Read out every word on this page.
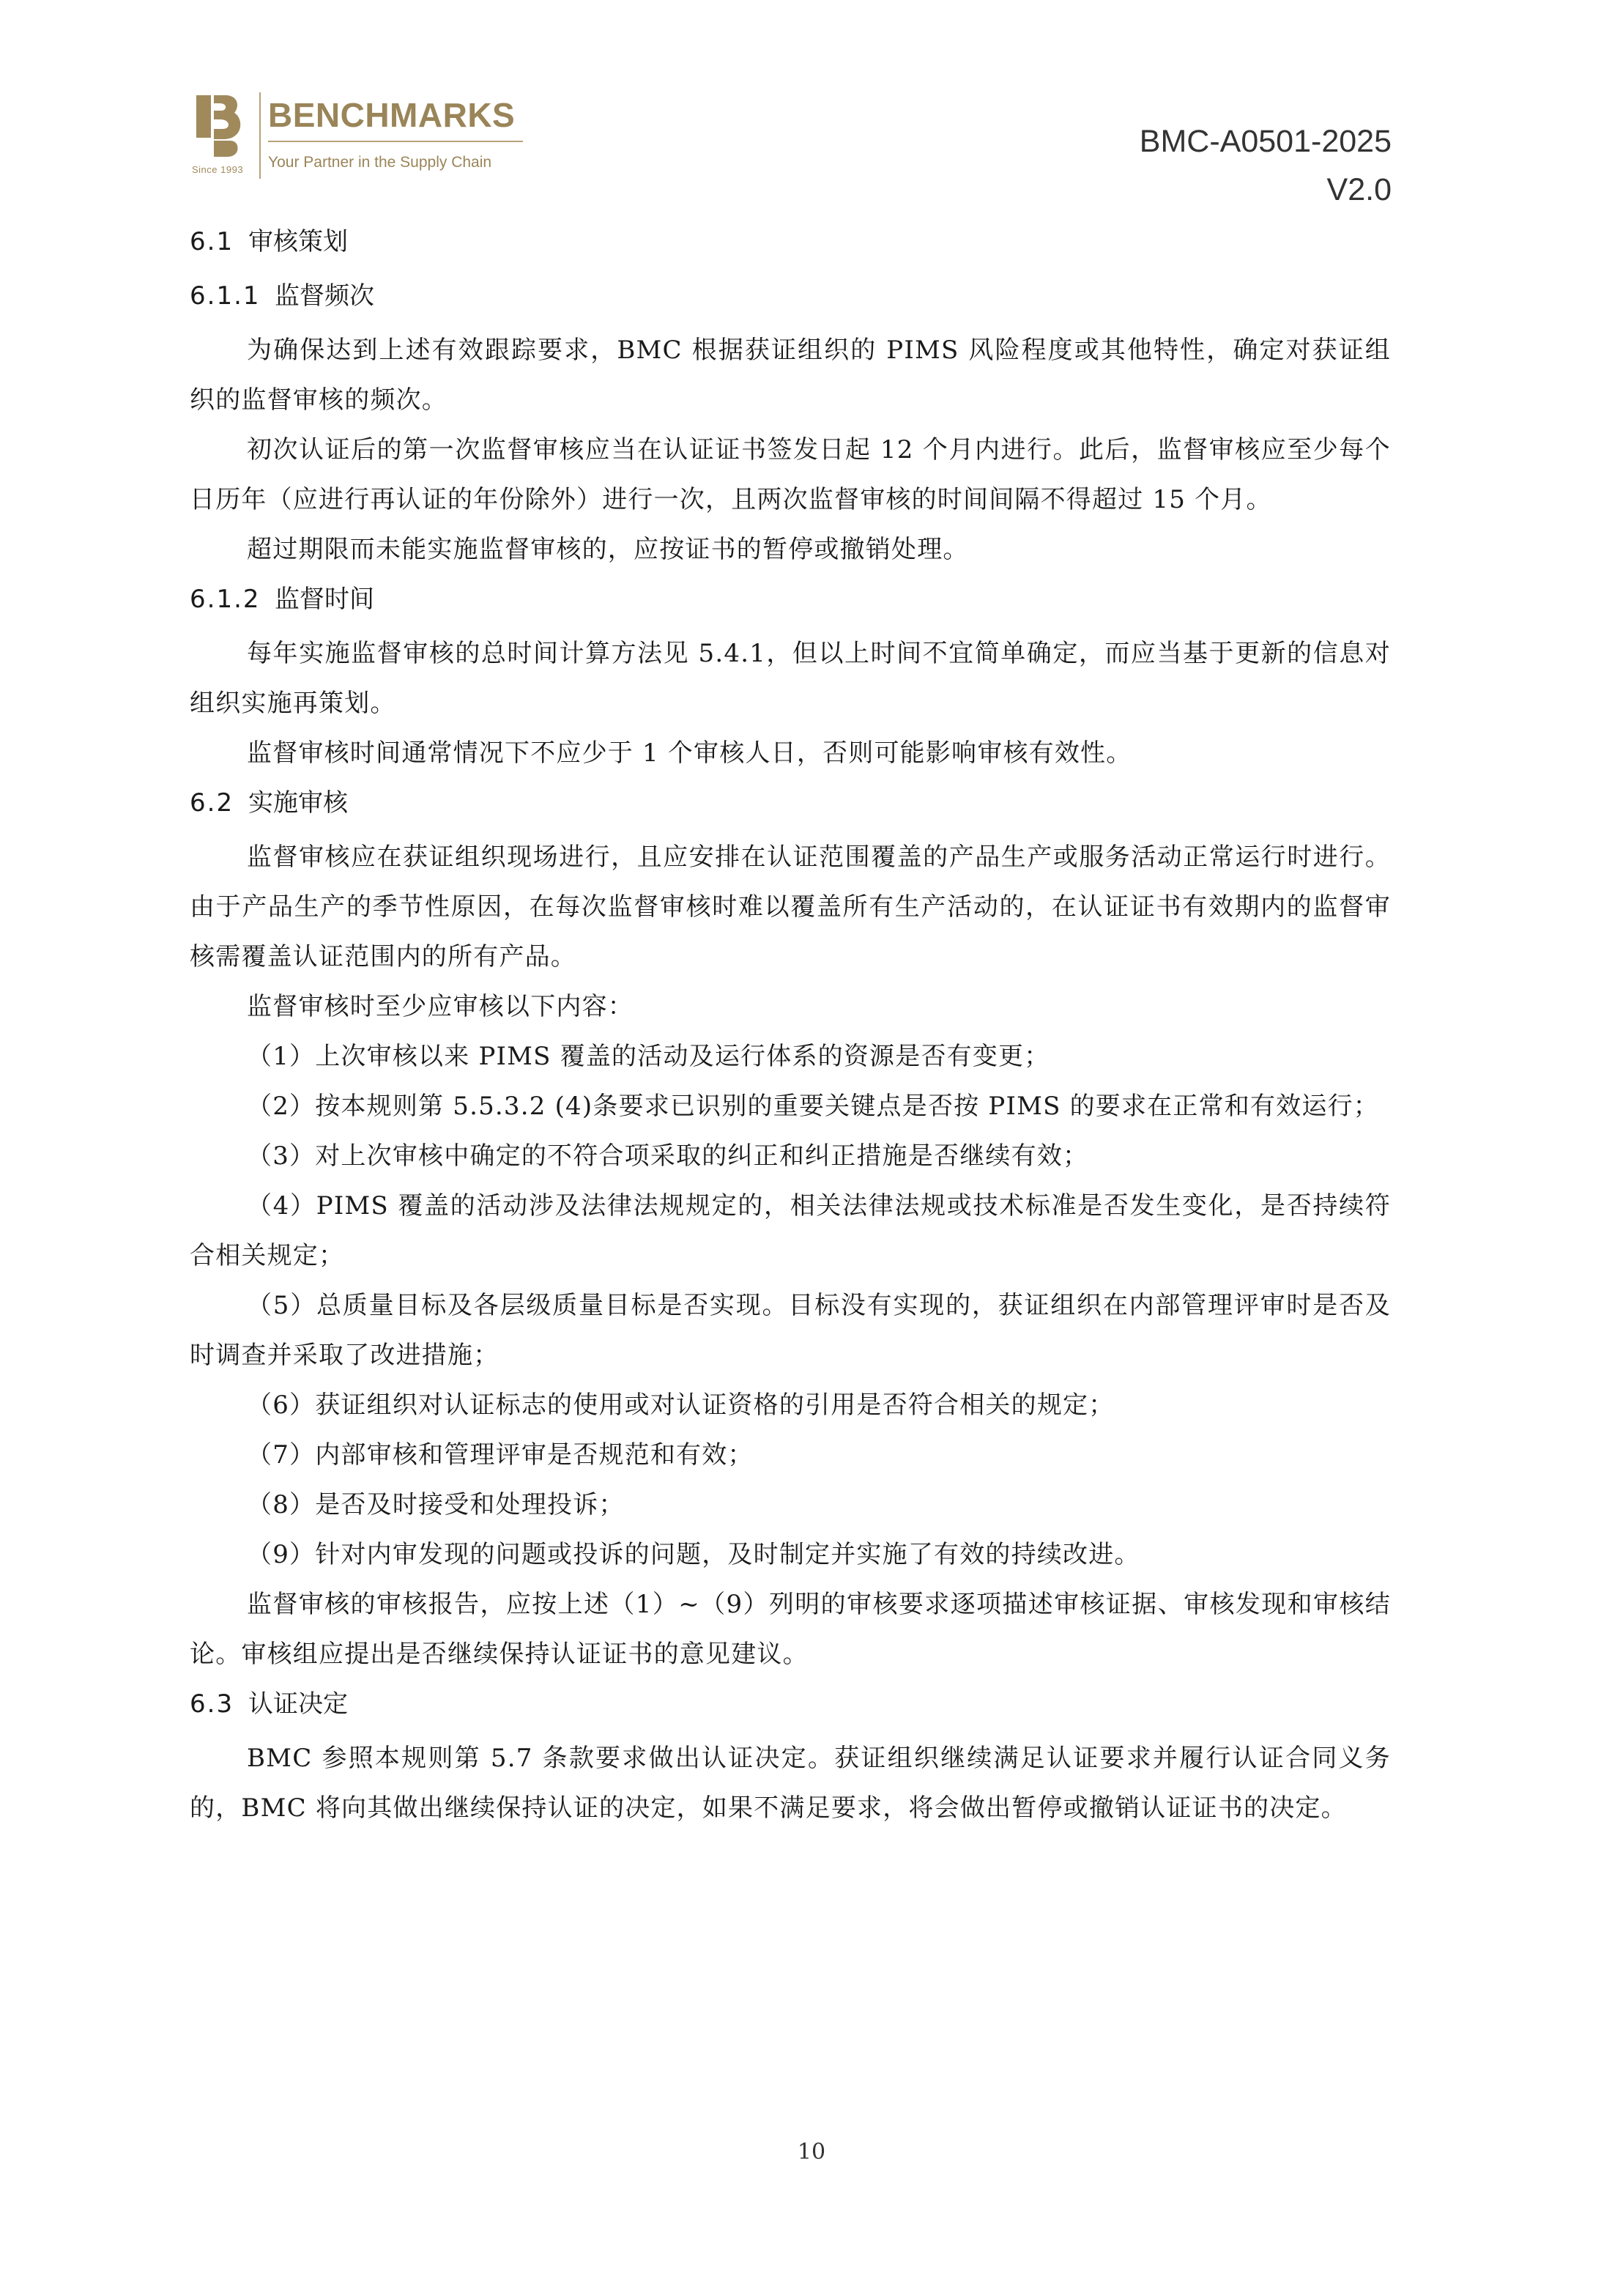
Since 1993
BENCHMARKS
Your Partner in the Supply Chain
BMC-A0501-2025
V2.0
6.1 审核策划
6.1.1 监督频次

为确保达到上述有效跟踪要求，BMC 根据获证组织的 PIMS 风险程度或其他特性，确定对获证组织的监督审核的频次。

初次认证后的第一次监督审核应当在认证证书签发日起 12 个月内进行。此后，监督审核应至少每个日历年（应进行再认证的年份除外）进行一次，且两次监督审核的时间间隔不得超过 15 个月。

超过期限而未能实施监督审核的，应按证书的暂停或撤销处理。

6.1.2 监督时间

每年实施监督审核的总时间计算方法见 5.4.1，但以上时间不宜简单确定，而应当基于更新的信息对组织实施再策划。

监督审核时间通常情况下不应少于 1 个审核人日，否则可能影响审核有效性。

6.2 实施审核

监督审核应在获证组织现场进行，且应安排在认证范围覆盖的产品生产或服务活动正常运行时进行。由于产品生产的季节性原因，在每次监督审核时难以覆盖所有生产活动的，在认证证书有效期内的监督审核需覆盖认证范围内的所有产品。

监督审核时至少应审核以下内容：

（1）上次审核以来 PIMS 覆盖的活动及运行体系的资源是否有变更；

（2）按本规则第 5.5.3.2 (4)条要求已识别的重要关键点是否按 PIMS 的要求在正常和有效运行；

（3）对上次审核中确定的不符合项采取的纠正和纠正措施是否继续有效；

（4）PIMS 覆盖的活动涉及法律法规规定的，相关法律法规或技术标准是否发生变化，是否持续符合相关规定；

（5）总质量目标及各层级质量目标是否实现。目标没有实现的，获证组织在内部管理评审时是否及时调查并采取了改进措施；

（6）获证组织对认证标志的使用或对认证资格的引用是否符合相关的规定；

（7）内部审核和管理评审是否规范和有效；

（8）是否及时接受和处理投诉；

（9）针对内审发现的问题或投诉的问题，及时制定并实施了有效的持续改进。

监督审核的审核报告，应按上述（1）~（9）列明的审核要求逐项描述审核证据、审核发现和审核结论。审核组应提出是否继续保持认证证书的意见建议。

6.3 认证决定

BMC 参照本规则第 5.7 条款要求做出认证决定。获证组织继续满足认证要求并履行认证合同义务的，BMC 将向其做出继续保持认证的决定，如果不满足要求，将会做出暂停或撤销认证证书的决定。

10
